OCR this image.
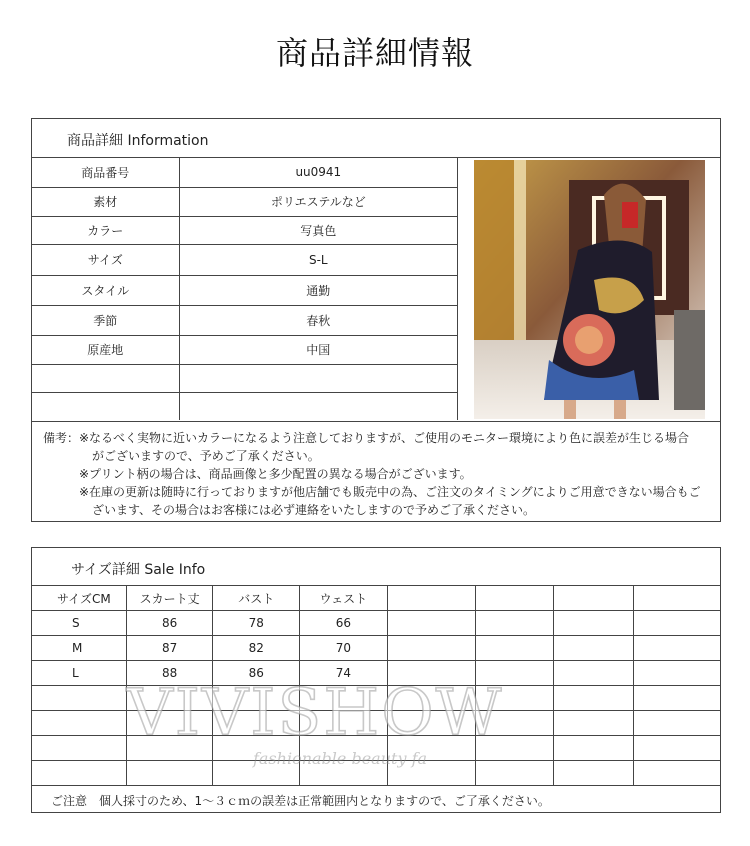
商品詳細情報
商品詳細 Information
商品番号	uu0941
素材	ポリエステルなど
カラー	写真色
サイズ	S-L
スタイル	通勤
季節	春秋
原産地	中国

備考：※なるべく実物に近いカラーになるよう注意しておりますが、ご使用のモニター環境により色に誤差が生じる場合
がございますので、予めご了承ください。
※プリント柄の場合は、商品画像と多少配置の異なる場合がございます。
※在庫の更新は随時に行っておりますが他店舗でも販売中の為、ご注文のタイミングによりご用意できない場合もご
ざいます、その場合はお客様には必ず連絡をいたしますので予めご了承ください。
サイズ詳細 Sale Info
サイズCM	スカート丈	バスト	ウェスト				
S	86	78	66				
M	87	82	70				
L	88	86	74				

ご注意　個人採寸のため、1～３ｃｍの誤差は正常範囲内となりますので、ご了承ください。
VIVISHOW
fashionable beauty fa
